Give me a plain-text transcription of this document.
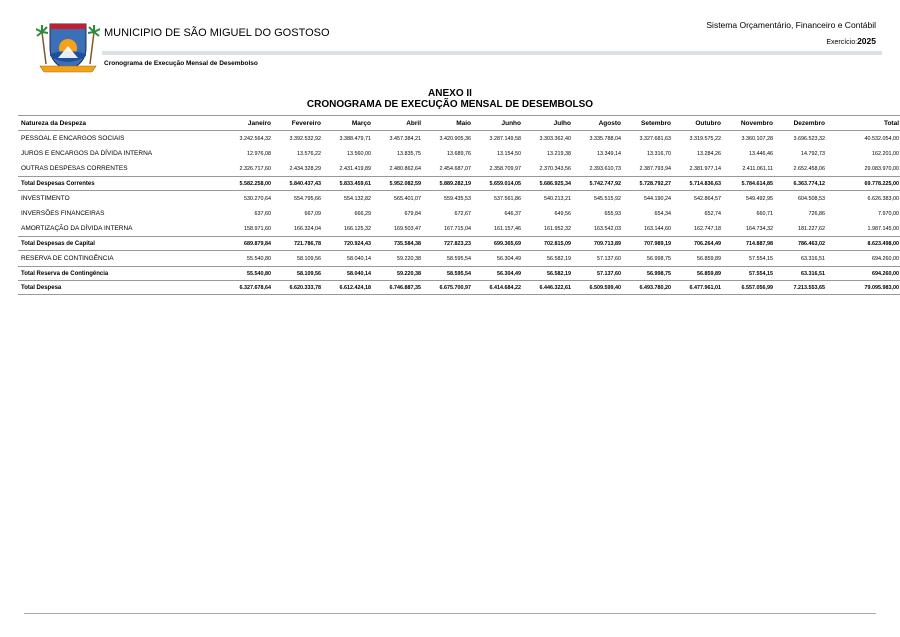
MUNICIPIO DE SÃO MIGUEL DO GOSTOSO
Cronograma de Execução Mensal de Desembolso
Sistema Orçamentário, Financeiro e Contábil
Exercício:2025
ANEXO II
CRONOGRAMA DE EXECUÇÃO MENSAL DE DESEMBOLSO
Natureza da Despeza	Janeiro	Fevereiro	Março	Abril	Maio	Junho	Julho	Agosto	Setembro	Outubro	Novembro	Dezembro	Total
PESSOAL E ENCARGOS SOCIAIS	3.242.564,32	3.392.532,92	3.388.479,71	3.457.384,21	3.420.905,36	3.287.149,58	3.303.362,40	3.335.788,04	3.327.681,63	3.319.575,22	3.360.107,28	3.696.523,32	40.532.054,00
JUROS E ENCARGOS DA DÍVIDA INTERNA	12.976,08	13.576,22	13.560,00	13.835,75	13.689,76	13.154,50	13.219,38	13.349,14	13.316,70	13.284,26	13.446,46	14.792,73	162.201,00
OUTRAS DESPESAS CORRENTES	2.326.717,60	2.434.328,29	2.431.419,89	2.480.862,64	2.454.687,07	2.358.709,97	2.370.343,56	2.393.610,73	2.387.793,94	2.381.977,14	2.411.061,11	2.652.458,06	29.083.970,00
Total Despesas Correntes	5.582.258,00	5.840.437,43	5.833.459,61	5.952.082,59	5.889.282,19	5.659.014,05	5.686.925,34	5.742.747,92	5.728.792,27	5.714.836,63	5.784.614,85	6.363.774,12	69.778.225,00
INVESTIMENTO	530.270,64	554.795,66	554.132,82	565.401,07	559.435,53	537.561,86	540.213,21	545.515,92	544.190,24	542.864,57	549.492,95	604.508,53	6.626.383,00
INVERSÕES FINANCEIRAS	637,60	667,09	666,29	679,84	672,67	646,37	649,56	655,93	654,34	652,74	660,71	726,86	7.970,00
AMORTIZAÇÃO DA DÍVIDA INTERNA	158.971,60	166.324,04	166.125,32	169.503,47	167.715,04	161.157,46	161.952,32	163.542,03	163.144,60	162.747,18	164.734,32	181.227,62	1.987.145,00
Total Despesas de Capital	689.879,84	721.786,78	720.924,43	735.584,38	727.823,23	699.365,69	702.815,09	709.713,89	707.989,19	706.264,49	714.887,98	786.463,02	8.623.498,00
RESERVA DE CONTINGÊNCIA	55.540,80	58.109,56	58.040,14	59.220,38	58.595,54	56.304,49	56.582,19	57.137,60	56.998,75	56.859,89	57.554,15	63.316,51	694.260,00
Total Reserva de Contingência	55.540,80	58.109,56	58.040,14	59.220,38	58.595,54	56.304,49	56.582,19	57.137,60	56.998,75	56.859,89	57.554,15	63.316,51	694.260,00
Total Despesa	6.327.678,64	6.620.333,78	6.612.424,18	6.746.887,35	6.675.700,97	6.414.684,22	6.446.322,61	6.509.599,40	6.493.780,20	6.477.961,01	6.557.056,99	7.213.553,65	79.095.983,00
